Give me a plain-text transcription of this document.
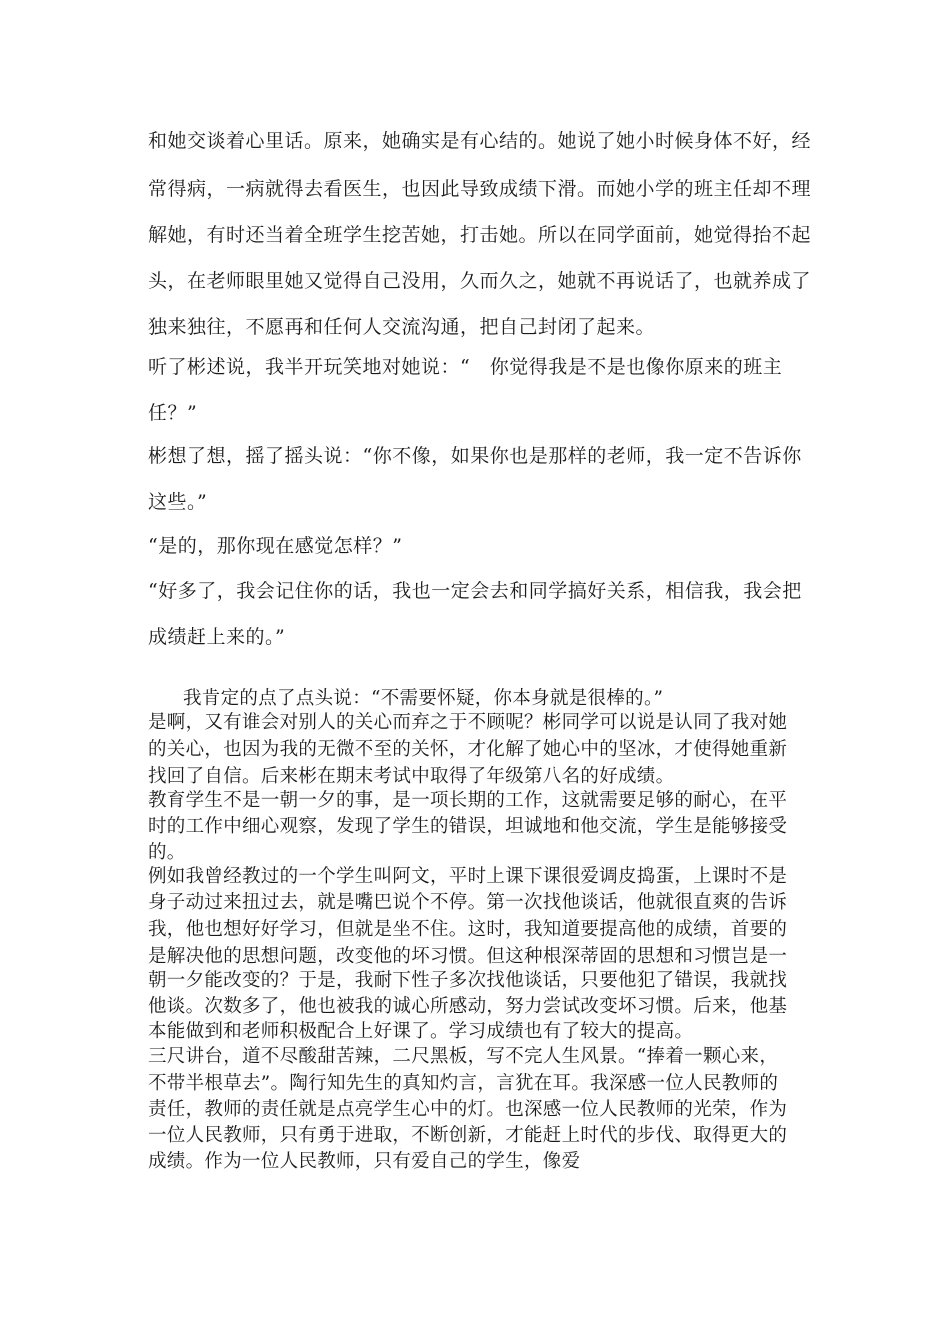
和她交谈着心里话。原来，她确实是有心结的。她说了她小时候身体不好，经

常得病，一病就得去看医生，也因此导致成绩下滑。而她小学的班主任却不理

解她，有时还当着全班学生挖苦她，打击她。所以在同学面前，她觉得抬不起

头，在老师眼里她又觉得自己没用，久而久之，她就不再说话了，也就养成了

独来独往，不愿再和任何人交流沟通，把自己封闭了起来。

听了彬述说，我半开玩笑地对她说：“　你觉得我是不是也像你原来的班主

任？”

彬想了想，摇了摇头说：“你不像，如果你也是那样的老师，我一定不告诉你

这些。”

“是的，那你现在感觉怎样？”

“好多了，我会记住你的话，我也一定会去和同学搞好关系，相信我，我会把

成绩赶上来的。”

我肯定的点了点头说：“不需要怀疑，你本身就是很棒的。”

是啊，又有谁会对别人的关心而弃之于不顾呢？彬同学可以说是认同了我对她

的关心，也因为我的无微不至的关怀，才化解了她心中的坚冰，才使得她重新

找回了自信。后来彬在期末考试中取得了年级第八名的好成绩。

教育学生不是一朝一夕的事，是一项长期的工作，这就需要足够的耐心，在平

时的工作中细心观察，发现了学生的错误，坦诚地和他交流，学生是能够接受

的。

例如我曾经教过的一个学生叫阿文，平时上课下课很爱调皮捣蛋，上课时不是

身子动过来扭过去，就是嘴巴说个不停。第一次找他谈话，他就很直爽的告诉

我，他也想好好学习，但就是坐不住。这时，我知道要提高他的成绩，首要的

是解决他的思想问题，改变他的坏习惯。但这种根深蒂固的思想和习惯岂是一

朝一夕能改变的？于是，我耐下性子多次找他谈话，只要他犯了错误，我就找

他谈。次数多了，他也被我的诚心所感动，努力尝试改变坏习惯。后来，他基

本能做到和老师积极配合上好课了。学习成绩也有了较大的提高。

三尺讲台，道不尽酸甜苦辣，二尺黑板，写不完人生风景。“捧着一颗心来，

不带半根草去”。陶行知先生的真知灼言，言犹在耳。我深感一位人民教师的

责任，教师的责任就是点亮学生心中的灯。也深感一位人民教师的光荣，作为

一位人民教师，只有勇于进取，不断创新，才能赶上时代的步伐、取得更大的

成绩。作为一位人民教师，只有爱自己的学生，像爱
